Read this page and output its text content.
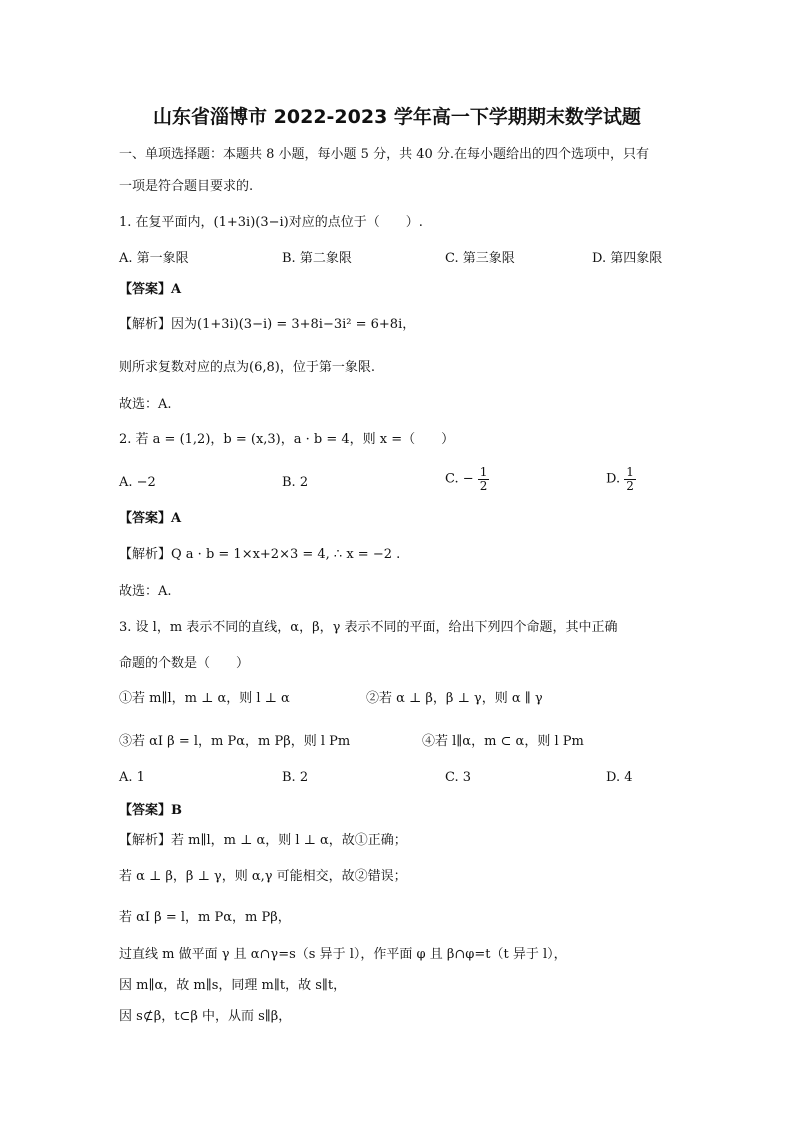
山东省淄博市 2022-2023 学年高一下学期期末数学试题
一、单项选择题：本题共 8 小题，每小题 5 分，共 40 分.在每小题给出的四个选项中，只有
一项是符合题目要求的.
1. 在复平面内，(1+3i)(3−i)对应的点位于（　　）.
A. 第一象限	B. 第二象限	C. 第三象限	D. 第四象限
【答案】A
【解析】因为(1+3i)(3−i) = 3+8i−3i² = 6+8i，
则所求复数对应的点为(6,8)，位于第一象限.
故选：A.
2. 若 a = (1,2)，b = (x,3)，a · b = 4，则 x =（　　）
A. −2	B. 2	C. − $\frac{1}{2}$	D. $\frac{1}{2}$
【答案】A
【解析】Q a · b = 1×x+2×3 = 4, ∴ x = −2 .
故选：A.
3. 设 l，m 表示不同的直线，α，β，γ 表示不同的平面，给出下列四个命题，其中正确
命题的个数是（　　）
①若 m∥l，m ⊥ α，则 l ⊥ α	②若 α ⊥ β，β ⊥ γ，则 α ∥ γ
③若 αI β = l，m Pα，m Pβ，则 l Pm	④若 l∥α，m ⊂ α，则 l Pm
A. 1	B. 2	C. 3	D. 4
【答案】B
【解析】若 m∥l，m ⊥ α，则 l ⊥ α，故①正确；
若 α ⊥ β，β ⊥ γ，则 α,γ 可能相交，故②错误；
若 αI β = l，m Pα，m Pβ，
过直线 m 做平面 γ 且 α∩γ=s（s 异于 l），作平面 φ 且 β∩φ=t（t 异于 l），
因 m∥α，故 m∥s，同理 m∥t，故 s∥t，
因 s⊄β，t⊂β 中，从而 s∥β，
